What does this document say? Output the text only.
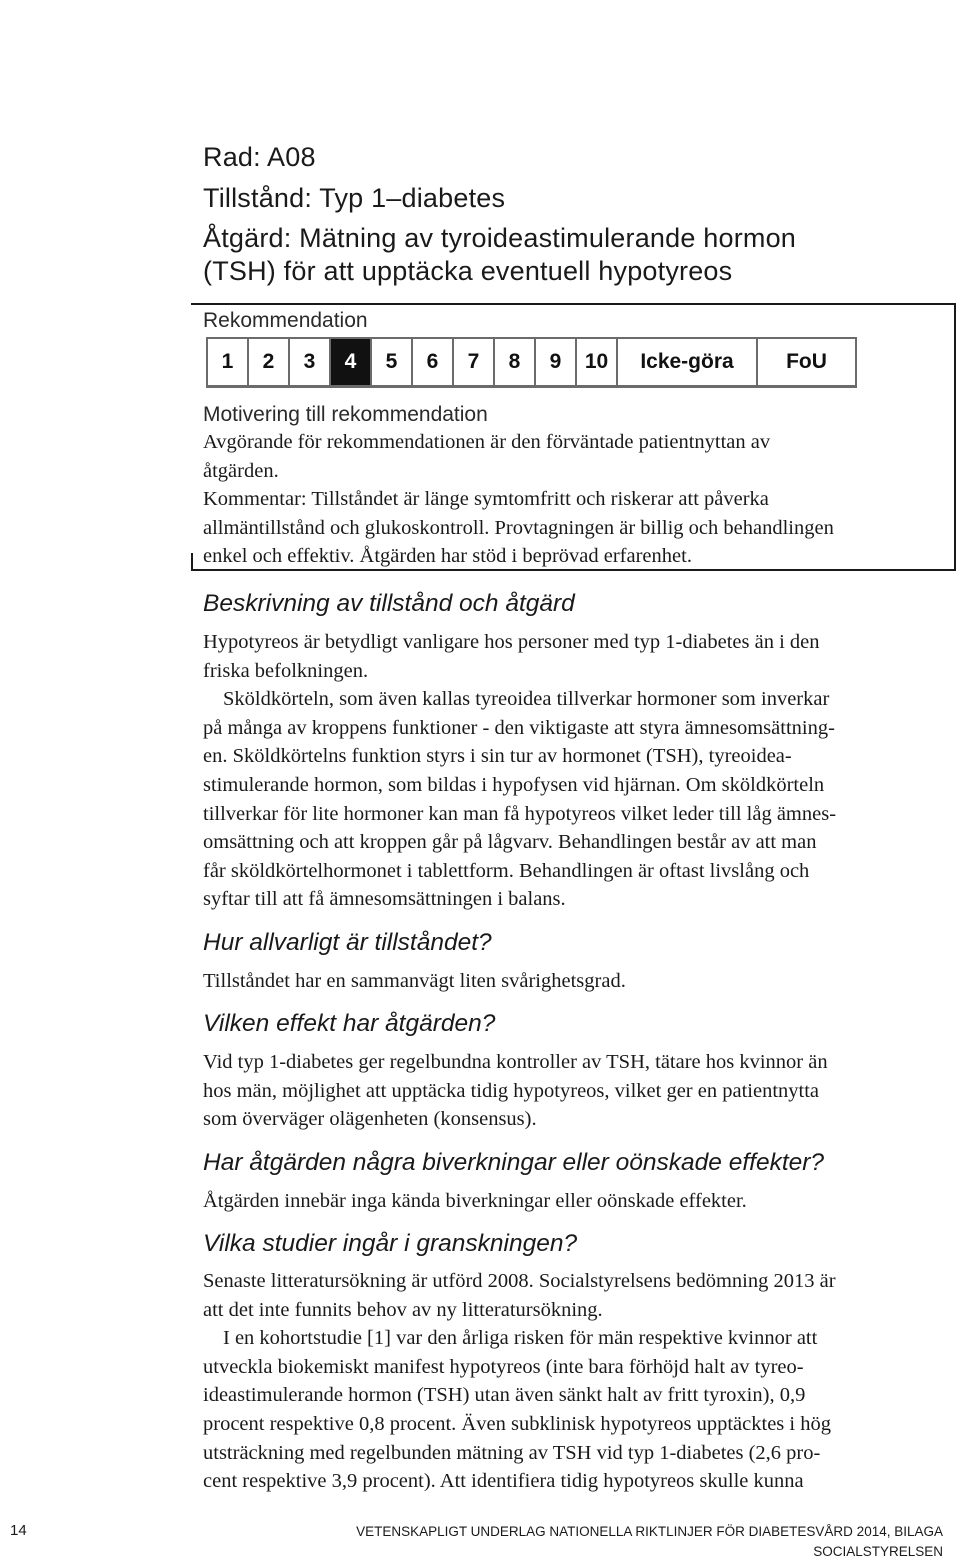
Rad: A08
Tillstånd: Typ 1–diabetes
Åtgärd: Mätning av tyroideastimulerande hormon
(TSH) för att upptäcka eventuell hypotyreos
Rekommendation
1	2	3	4	5	6	7	8	9	10	Icke-göra	FoU
Motivering till rekommendation
Avgörande för rekommendationen är den förväntade patientnyttan av
åtgärden.
Kommentar: Tillståndet är länge symtomfritt och riskerar att påverka
allmäntillstånd och glukoskontroll. Provtagningen är billig och behandlingen
enkel och effektiv. Åtgärden har stöd i beprövad erfarenhet.
Beskrivning av tillstånd och åtgärd
Hypotyreos är betydligt vanligare hos personer med typ 1-diabetes än i den
friska befolkningen.
Sköldkörteln, som även kallas tyreoidea tillverkar hormoner som inverkar
på många av kroppens funktioner - den viktigaste att styra ämnesomsättning-
en. Sköldkörtelns funktion styrs i sin tur av hormonet (TSH), tyreoidea-
stimulerande hormon, som bildas i hypofysen vid hjärnan. Om sköldkörteln
tillverkar för lite hormoner kan man få hypotyreos vilket leder till låg ämnes-
omsättning och att kroppen går på lågvarv. Behandlingen består av att man
får sköldkörtelhormonet i tablettform. Behandlingen är oftast livslång och
syftar till att få ämnesomsättningen i balans.
Hur allvarligt är tillståndet?
Tillståndet har en sammanvägt liten svårighetsgrad.
Vilken effekt har åtgärden?
Vid typ 1-diabetes ger regelbundna kontroller av TSH, tätare hos kvinnor än
hos män, möjlighet att upptäcka tidig hypotyreos, vilket ger en patientnytta
som överväger olägenheten (konsensus).
Har åtgärden några biverkningar eller oönskade effekter?
Åtgärden innebär inga kända biverkningar eller oönskade effekter.
Vilka studier ingår i granskningen?
Senaste litteratursökning är utförd 2008. Socialstyrelsens bedömning 2013 är
att det inte funnits behov av ny litteratursökning.
I en kohortstudie [1] var den årliga risken för män respektive kvinnor att
utveckla biokemiskt manifest hypotyreos (inte bara förhöjd halt av tyreo-
ideastimulerande hormon (TSH) utan även sänkt halt av fritt tyroxin), 0,9
procent respektive 0,8 procent. Även subklinisk hypotyreos upptäcktes i hög
utsträckning med regelbunden mätning av TSH vid typ 1-diabetes (2,6 pro-
cent respektive 3,9 procent). Att identifiera tidig hypotyreos skulle kunna
14	VETENSKAPLIGT UNDERLAG NATIONELLA RIKTLINJER FÖR DIABETESVÅRD 2014, BILAGA
SOCIALSTYRELSEN
